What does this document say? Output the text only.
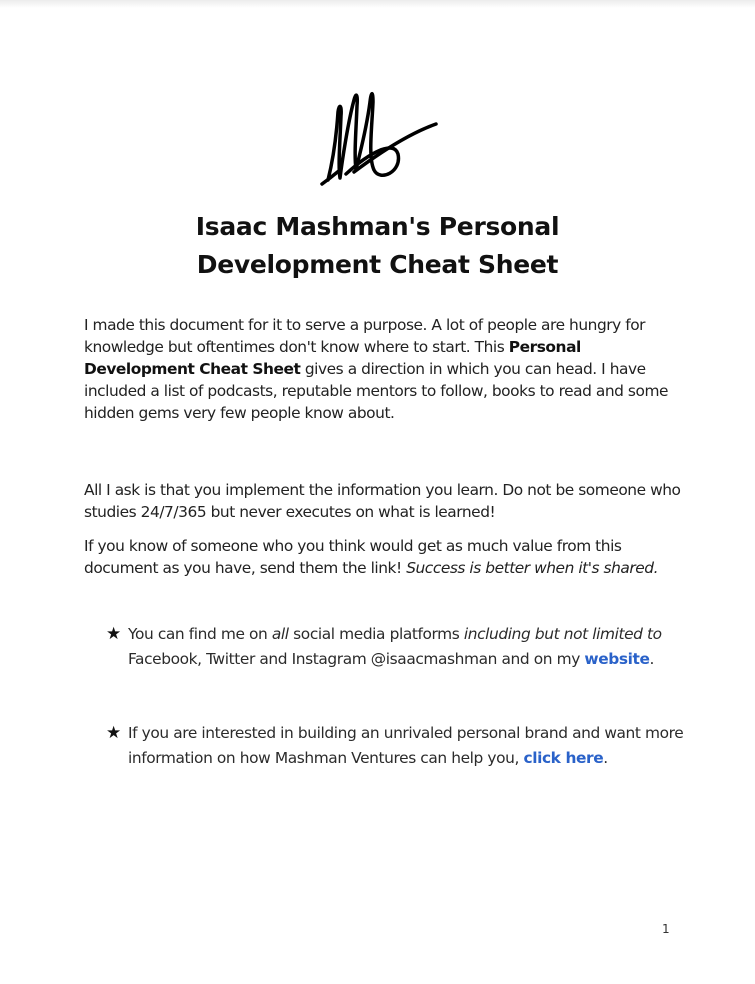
Isaac Mashman's Personal
Development Cheat Sheet
I made this document for it to serve a purpose. A lot of people are hungry for knowledge but oftentimes don't know where to start. This Personal Development Cheat Sheet gives a direction in which you can head. I have included a list of podcasts, reputable mentors to follow, books to read and some hidden gems very few people know about.
All I ask is that you implement the information you learn. Do not be someone who studies 24/7/365 but never executes on what is learned!
If you know of someone who you think would get as much value from this document as you have, send them the link! Success is better when it's shared.
★ You can find me on all social media platforms including but not limited to Facebook, Twitter and Instagram @isaacmashman and on my website.
★ If you are interested in building an unrivaled personal brand and want more information on how Mashman Ventures can help you, click here.
1
